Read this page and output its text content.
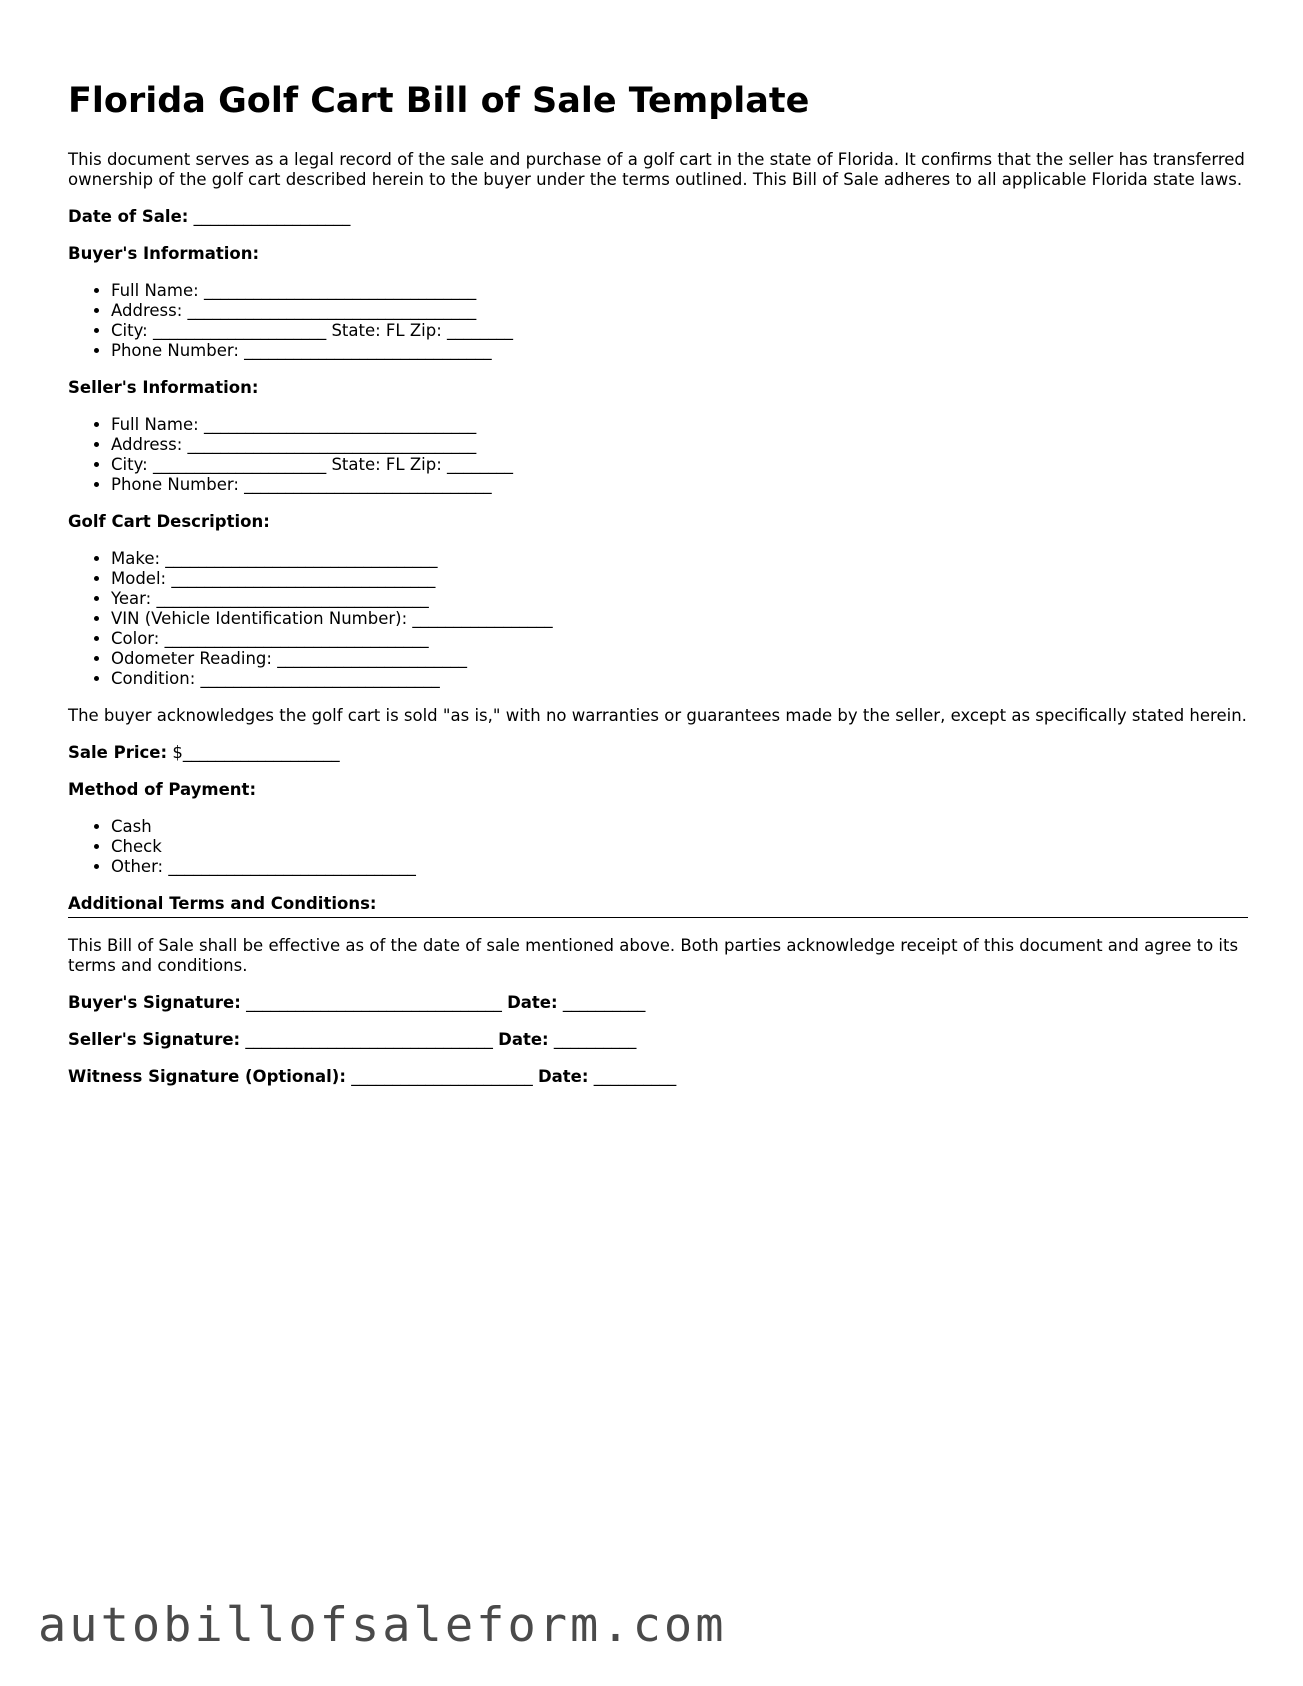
Florida Golf Cart Bill of Sale Template

This document serves as a legal record of the sale and purchase of a golf cart in the state of Florida. It confirms that the seller has transferred ownership of the golf cart described herein to the buyer under the terms outlined. This Bill of Sale adheres to all applicable Florida state laws.

Date of Sale: ___________________

Buyer's Information:

• Full Name: _________________________________
• Address: ___________________________________
• City: _____________________ State: FL Zip: ________
• Phone Number: ______________________________

Seller's Information:

• Full Name: _________________________________
• Address: ___________________________________
• City: _____________________ State: FL Zip: ________
• Phone Number: ______________________________

Golf Cart Description:

• Make: _________________________________
• Model: ________________________________
• Year: _________________________________
• VIN (Vehicle Identification Number): _________________
• Color: ________________________________
• Odometer Reading: _______________________
• Condition: _____________________________

The buyer acknowledges the golf cart is sold "as is," with no warranties or guarantees made by the seller, except as specifically stated herein.

Sale Price: $___________________

Method of Payment:

• Cash
• Check
• Other: ______________________________

Additional Terms and Conditions:

This Bill of Sale shall be effective as of the date of sale mentioned above. Both parties acknowledge receipt of this document and agree to its terms and conditions.

Buyer's Signature: _______________________________ Date: __________

Seller's Signature: ______________________________ Date: __________

Witness Signature (Optional): ______________________ Date: __________

autobillofsaleform.com
